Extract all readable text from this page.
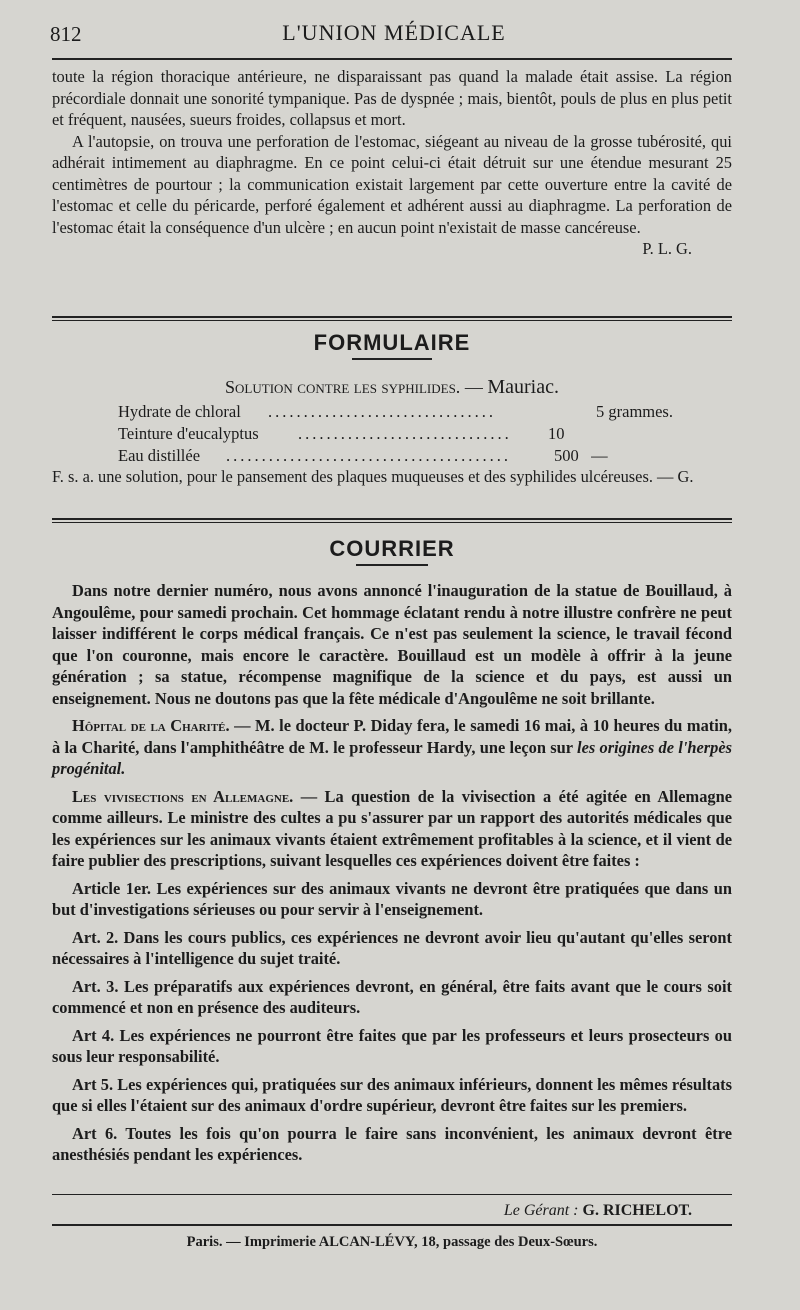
812	L'UNION MÉDICALE

toute la région thoracique antérieure, ne disparaissant pas quand la malade était assise. La région précordiale donnait une sonorité tympanique. Pas de dyspnée ; mais, bientôt, pouls de plus en plus petit et fréquent, nausées, sueurs froides, collapsus et mort.

A l'autopsie, on trouva une perforation de l'estomac, siégeant au niveau de la grosse tubérosité, qui adhérait intimement au diaphragme. En ce point celui-ci était détruit sur une étendue mesurant 25 centimètres de pourtour ; la communication existait largement par cette ouverture entre la cavité de l'estomac et celle du péricarde, perforé également et adhérent aussi au diaphragme. La perforation de l'estomac était la conséquence d'un ulcère ; en aucun point n'existait de masse cancéreuse.

P. L. G.

FORMULAIRE
Solution contre les syphilides. — Mauriac.
Hydrate de chloral ................................	5 grammes.
Teinture d'eucalyptus ..............................	10
Eau distillée ........................................	500   —
F. s. a. une solution, pour le pansement des plaques muqueuses et des syphilides ulcéreuses. — G.
COURRIER

Dans notre dernier numéro, nous avons annoncé l'inauguration de la statue de Bouillaud, à Angoulême, pour samedi prochain. Cet hommage éclatant rendu à notre illustre confrère ne peut laisser indifférent le corps médical français. Ce n'est pas seulement la science, le travail fécond que l'on couronne, mais encore le caractère. Bouillaud est un modèle à offrir à la jeune génération ; sa statue, récompense magnifique de la science et du pays, est aussi un enseignement. Nous ne doutons pas que la fête médicale d'Angoulême ne soit brillante.

Hôpital de la Charité. — M. le docteur P. Diday fera, le samedi 16 mai, à 10 heures du matin, à la Charité, dans l'amphithéâtre de M. le professeur Hardy, une leçon sur les origines de l'herpès progénital.

Les vivisections en Allemagne. — La question de la vivisection a été agitée en Allemagne comme ailleurs. Le ministre des cultes a pu s'assurer par un rapport des autorités médicales que les expériences sur les animaux vivants étaient extrêmement profitables à la science, et il vient de faire publier des prescriptions, suivant lesquelles ces expériences doivent être faites :

Article 1er. Les expériences sur des animaux vivants ne devront être pratiquées que dans un but d'investigations sérieuses ou pour servir à l'enseignement.

Art. 2. Dans les cours publics, ces expériences ne devront avoir lieu qu'autant qu'elles seront nécessaires à l'intelligence du sujet traité.

Art. 3. Les préparatifs aux expériences devront, en général, être faits avant que le cours soit commencé et non en présence des auditeurs.

Art 4. Les expériences ne pourront être faites que par les professeurs et leurs prosecteurs ou sous leur responsabilité.

Art 5. Les expériences qui, pratiquées sur des animaux inférieurs, donnent les mêmes résultats que si elles l'étaient sur des animaux d'ordre supérieur, devront être faites sur les premiers.

Art 6. Toutes les fois qu'on pourra le faire sans inconvénient, les animaux devront être anesthésiés pendant les expériences.

Le Gérant : G. RICHELOT.
Paris. — Imprimerie ALCAN-LÉVY, 18, passage des Deux-Sœurs.
